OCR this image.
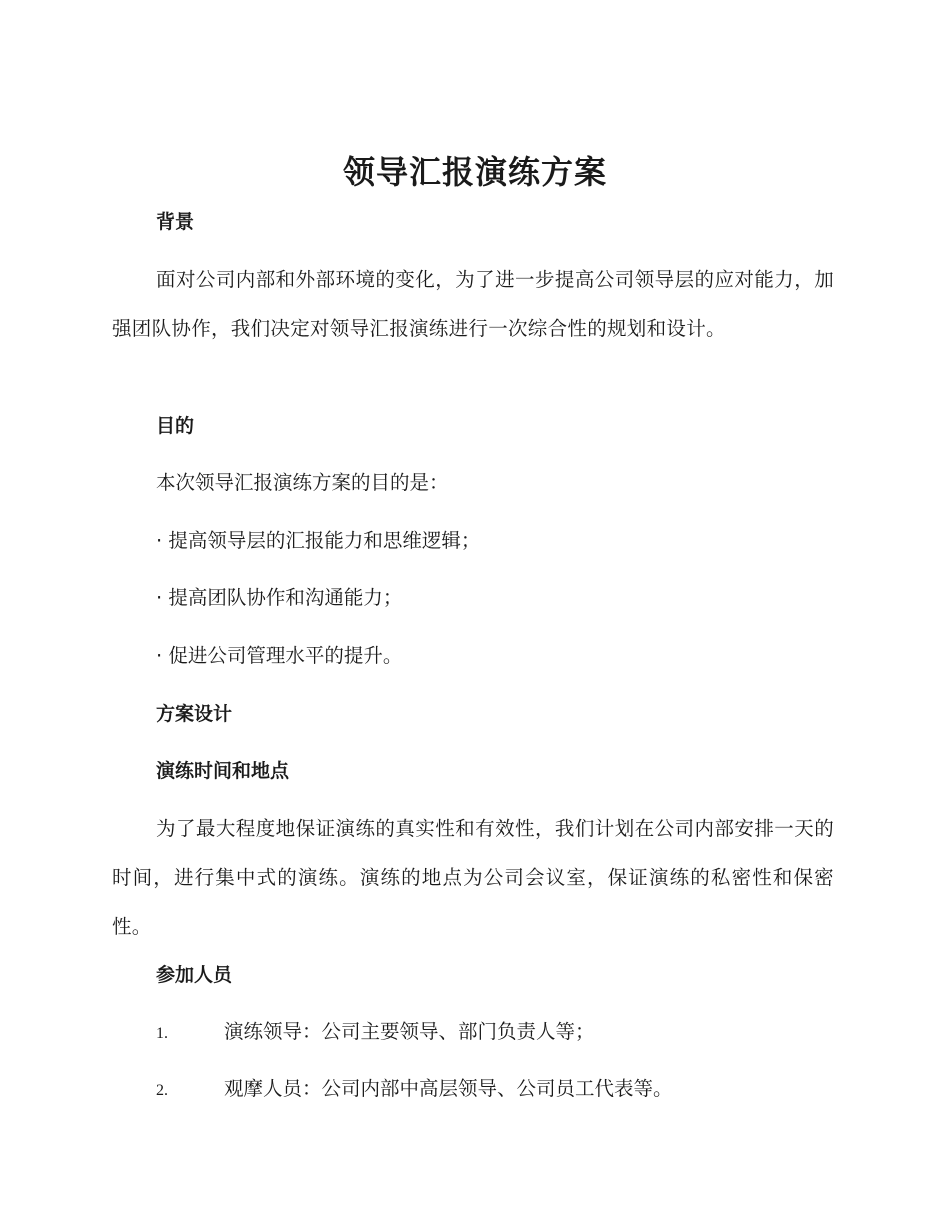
领导汇报演练方案
背景
面对公司内部和外部环境的变化，为了进一步提高公司领导层的应对能力，加强团队协作，我们决定对领导汇报演练进行一次综合性的规划和设计。
目的
本次领导汇报演练方案的目的是：
· 提高领导层的汇报能力和思维逻辑；
· 提高团队协作和沟通能力；
· 促进公司管理水平的提升。
方案设计
演练时间和地点
为了最大程度地保证演练的真实性和有效性，我们计划在公司内部安排一天的时间，进行集中式的演练。演练的地点为公司会议室，保证演练的私密性和保密性。
参加人员
1.	演练领导：公司主要领导、部门负责人等；
2.	观摩人员：公司内部中高层领导、公司员工代表等。
